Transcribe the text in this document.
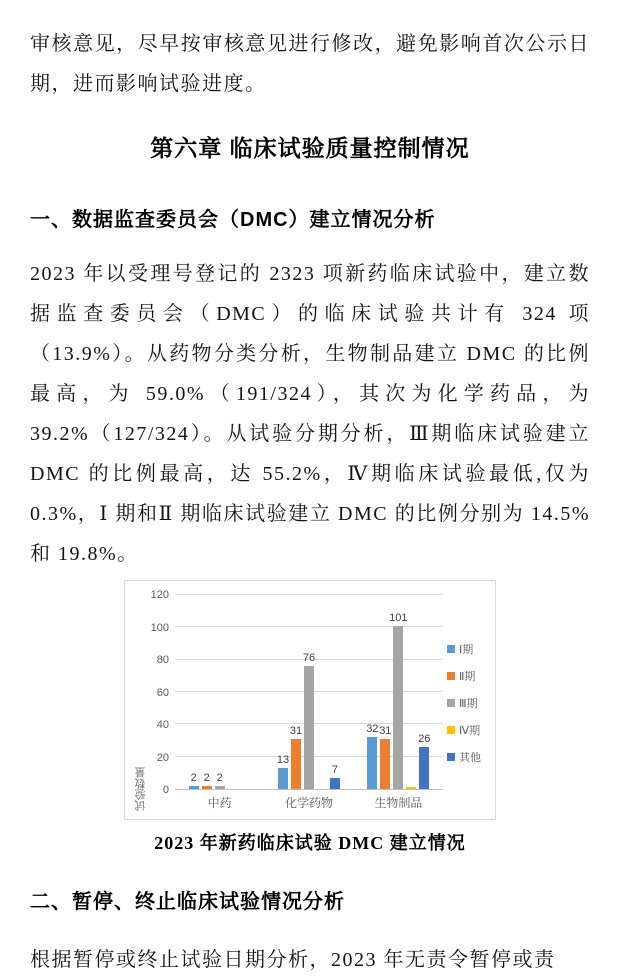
审核意见，尽早按审核意见进行修改，避免影响首次公示日期，进而影响试验进度。

第六章 临床试验质量控制情况
一、数据监查委员会（DMC）建立情况分析

2023 年以受理号登记的 2323 项新药临床试验中，建立数据监查委员会（DMC）的临床试验共计有 324 项（13.9%）。从药物分类分析，生物制品建立 DMC 的比例最高，为 59.0%（191/324），其次为化学药品，为 39.2%（127/324）。从试验分期分析，Ⅲ期临床试验建立 DMC 的比例最高，达 55.2%，Ⅳ期临床试验最低,仅为 0.3%，Ⅰ 期和Ⅱ 期临床试验建立 DMC 的比例分别为 14.5%和 19.8%。

试验数量 0
20
40
60
80
100
120
2 2 2
13
31
76
7
32 31
101
26
中药	化学药物	生物制品
Ⅰ期
Ⅱ期
Ⅲ期
Ⅳ期
其他
2023 年新药临床试验 DMC 建立情况
二、暂停、终止临床试验情况分析

根据暂停或终止试验日期分析，2023 年无责令暂停或责
